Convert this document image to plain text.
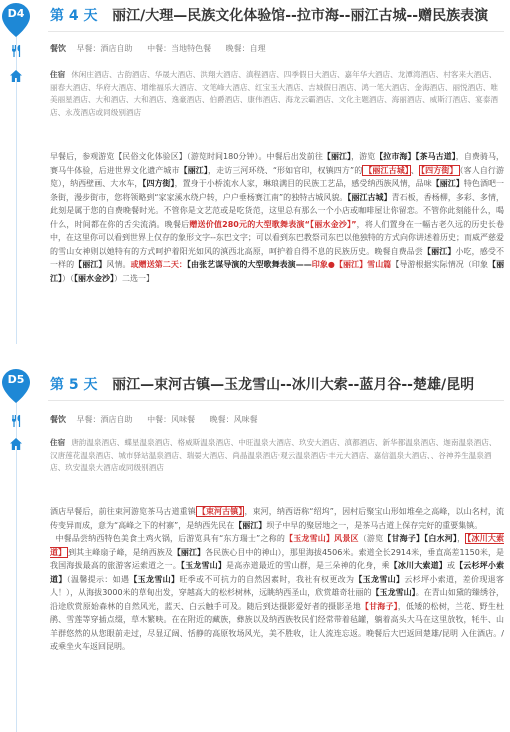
D4	第 4 天 丽江/大理—民族文化体验馆--拉市海--丽江古城--赠民族表演
餐饮 早餐：酒店自助 中餐：当地特色餐 晚餐：自理
住宿 休闲庄酒店、古韵酒店、华晟大酒店、洪翔大酒店、滇程酒店、四季假日大酒店、嘉年华大酒店、龙潭湾酒店、村客来大酒店、丽春大酒店、华府大酒店、增维福乐大酒店、文笔峰大酒店、红宝玉大酒店、吉城假日酒店、鸿一笔大酒店、金海酒店、丽悦酒店、唯美丽星酒店、大和酒店、大和酒店、逸豪酒店、伯爵酒店、康伟酒店、海龙云霸酒店、文化主题酒店、海丽酒店、威斯汀酒店、宴泰酒店、永茂酒店或同级别酒店
早餐后，参观游览【民俗文化体验区】（游览时间180分钟）。中餐后出发前往【丽江】，游览【拉市海】【茶马古道】，自费骑马，赛马牛体验，后进世界文化遗产城市【丽江】，走访三河环绕、“形如官印，权镇四方”的 【丽江古城】 、 【四方街】 （客人自行游览），纳西壁画、大水车，【四方街】，置身于小桥流水人家，琳琅满目的民族工艺品，感受纳西族风情，品味【丽江】特色酒吧一条街，漫步街市，您将领略到“家家溪水绕户转，户户垂杨赛江南”的独特古城风貌。【丽江古城】青石板，香杨柳，多彩、多情，此刻是属于您的自费晚餐时光。不管你是文艺范或是吃货范，这里总有那么一个小店或咖啡屋让你留恋。不管你此刻能什么，喝什么，时间都在你的舌尖流淌。晚餐后赠送价值280元的大型歌舞表演“【丽水金沙】”，将人们置身在一幅古老久远的历史长卷中，在这里你可以看到世界上仅存的象形文字--东巴文字；可以看到东巴教祭司东巴以他独特的方式向你讲述着历史；而威严慈爱的雪山女神则以她特有的方式呵护着阳光如风的滇西北高原，呵护着自得不息的民族历史。晚餐自费品尝【丽江】小吃，感受不一样的【丽江】风情。或赠送第二天：【由张艺谋导演的大型歌舞表演——印象●【丽江】雪山篇【导游根据实际情况（印象【丽江】）（【丽水金沙】）二选一】
D5	第 5 天 丽江—束河古镇—玉龙雪山--冰川大索--蓝月谷--楚雄/昆明
餐饮 早餐：酒店自助 中餐：风味餐 晚餐：风味餐
住宿 唐韵温泉酒店、蝶星温泉酒店、格威斯温泉酒店、中旺温泉大酒店、玖安大酒店、滇都酒店、新华都温泉酒店、迦南温泉酒店、汉唐莲花温泉酒店、城市驿站温泉酒店、瑞晏大酒店、尚晶温泉酒店·观云温泉酒店·丰元大酒店、嘉信温泉大酒店、、谷神养生温泉酒店、玖安温泉大酒店或同级别酒店
酒店早餐后，前往束河游览茶马古道重镇 【束河古镇】 ，束河，纳西语称“绍坞”，因村后聚宝山形如堆垒之高峰，以山名村，流传变异而成，意为“高峰之下的村寨”，是纳西先民在【丽江】坝子中早的聚居地之一，是茶马古道上保存完好的重要集镇。
中餐品尝纳西特色美食土鸡火锅，后游览具有“东方瑞士”之称的【玉龙雪山】风景区（游览【甘海子】【白水河】， 【冰川大索道】 到其主峰扇子峰，是纳西族及【丽江】各民族心目中的神山），那里海拔4506米。索道全长2914米，垂直高差1150米，是我国海拔最高的旅游客运索道之一。【玉龙雪山】是高赤道最近的雪山群，是三朵神的化身，乘【冰川大索道】或【云杉坪小索道】（温馨提示：如遇【玉龙雪山】旺季或不可抗力的自然因素时，我社有权更改为【玉龙雪山】云杉坪小索道，差价现退客人！），从海拔3000米的草甸出发，穿越高大的松杉树林，远眺纳西圣山，欣赏雄奇壮丽的【玉龙雪山】。在青山如黛的臻绣谷，沿途欣赏原始森林的自然风光，蓝天、白云触手可及。随后到达摄影爱好者的摄影圣地【甘海子】，低矮的松树，兰花、野生杜鹃、雪莲等穿插点缀，草木繁映。在在附近的藏族，彝族以及纳西族牧民们经常带着毡罐，躺着高头大马在这里放牧，牦牛、山羊群悠然的从您眼前走过，尽显辽阔、恬静的高原牧场风光，美不胜收，让人流连忘返。晚餐后大巴返回楚雄/昆明 入住酒店。/或乘坐火车返回昆明。
